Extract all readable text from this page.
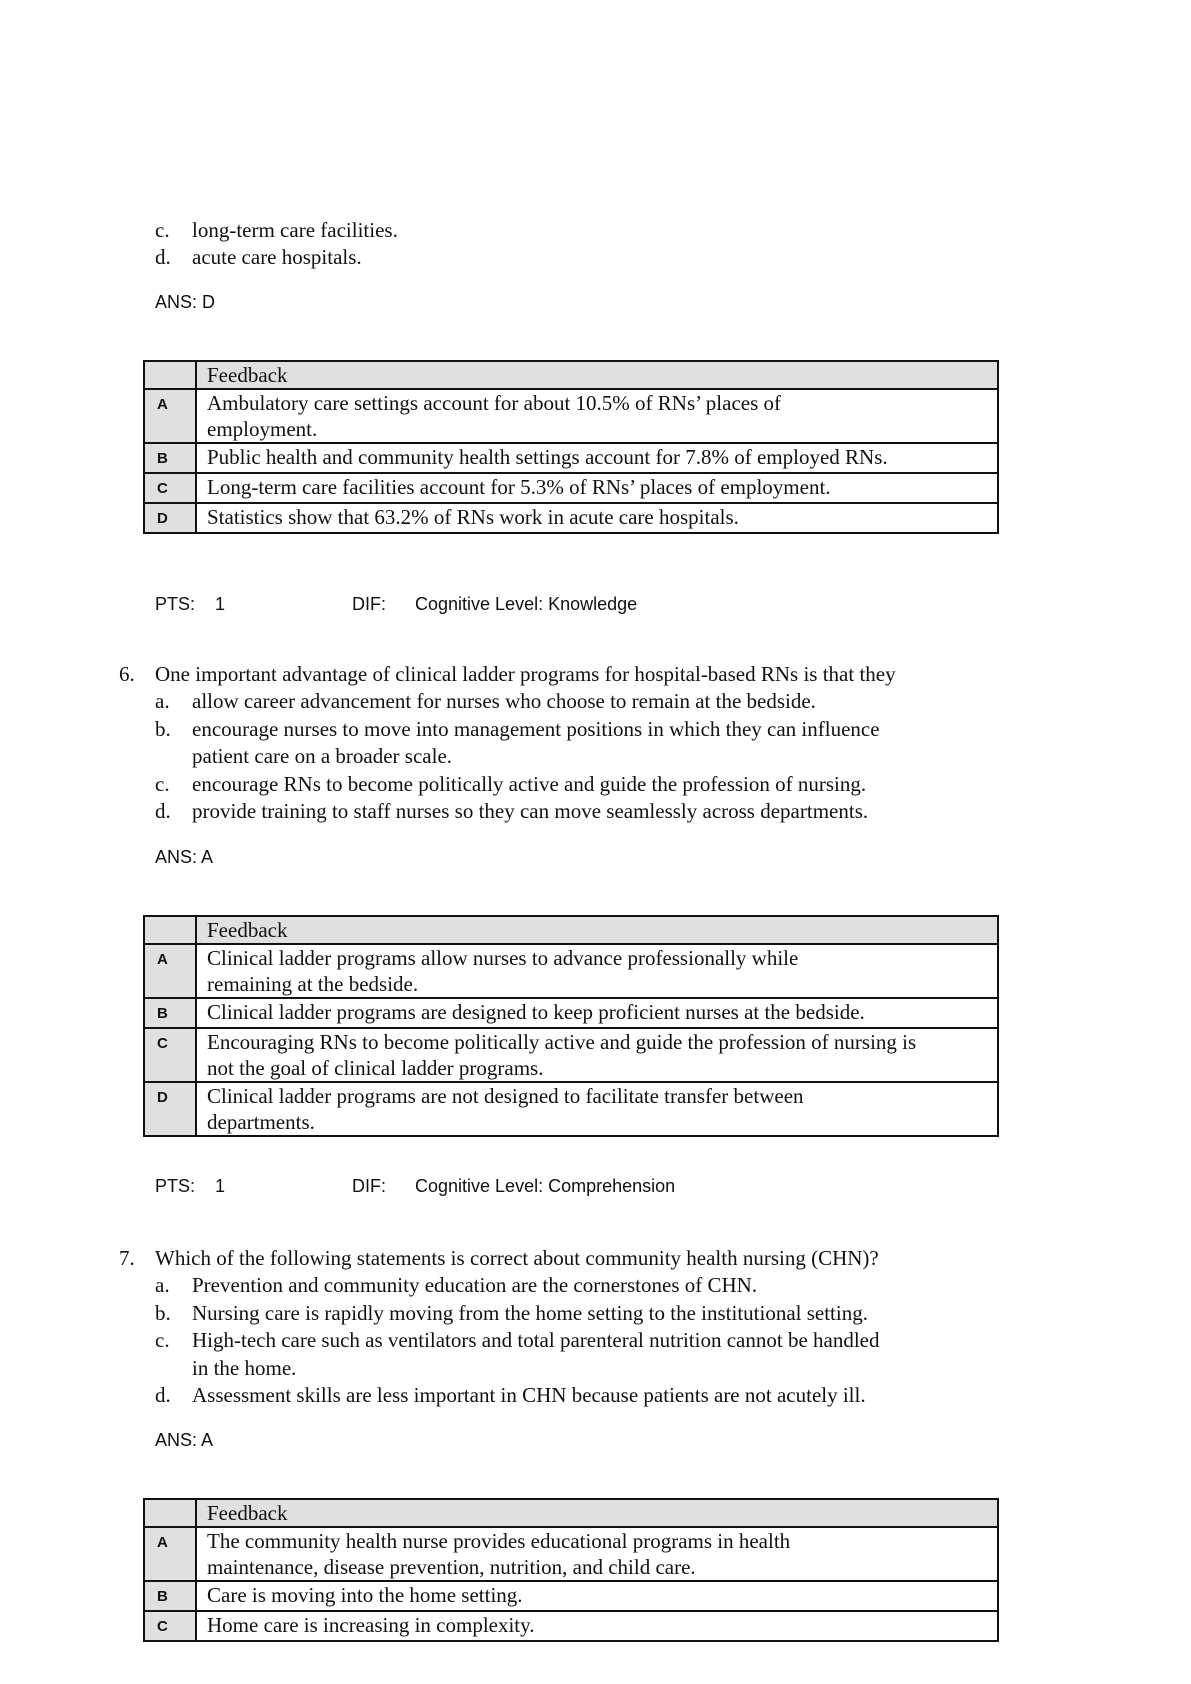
c. long-term care facilities.
d. acute care hospitals.
ANS: D
	Feedback
A	Ambulatory care settings account for about 10.5% of RNs’ places of employment.
B	Public health and community health settings account for 7.8% of employed RNs.
C	Long-term care facilities account for 5.3% of RNs’ places of employment.
D	Statistics show that 63.2% of RNs work in acute care hospitals.
PTS: 1	DIF: Cognitive Level: Knowledge
6. One important advantage of clinical ladder programs for hospital-based RNs is that they
a. allow career advancement for nurses who choose to remain at the bedside.
b. encourage nurses to move into management positions in which they can influence
patient care on a broader scale.
c. encourage RNs to become politically active and guide the profession of nursing.
d. provide training to staff nurses so they can move seamlessly across departments.
ANS: A
	Feedback
A	Clinical ladder programs allow nurses to advance professionally while remaining at the bedside.
B	Clinical ladder programs are designed to keep proficient nurses at the bedside.
C	Encouraging RNs to become politically active and guide the profession of nursing is not the goal of clinical ladder programs.
D	Clinical ladder programs are not designed to facilitate transfer between departments.
PTS: 1	DIF: Cognitive Level: Comprehension
7. Which of the following statements is correct about community health nursing (CHN)?
a. Prevention and community education are the cornerstones of CHN.
b. Nursing care is rapidly moving from the home setting to the institutional setting.
c. High-tech care such as ventilators and total parenteral nutrition cannot be handled
in the home.
d. Assessment skills are less important in CHN because patients are not acutely ill.
ANS: A
	Feedback
A	The community health nurse provides educational programs in health maintenance, disease prevention, nutrition, and child care.
B	Care is moving into the home setting.
C	Home care is increasing in complexity.
